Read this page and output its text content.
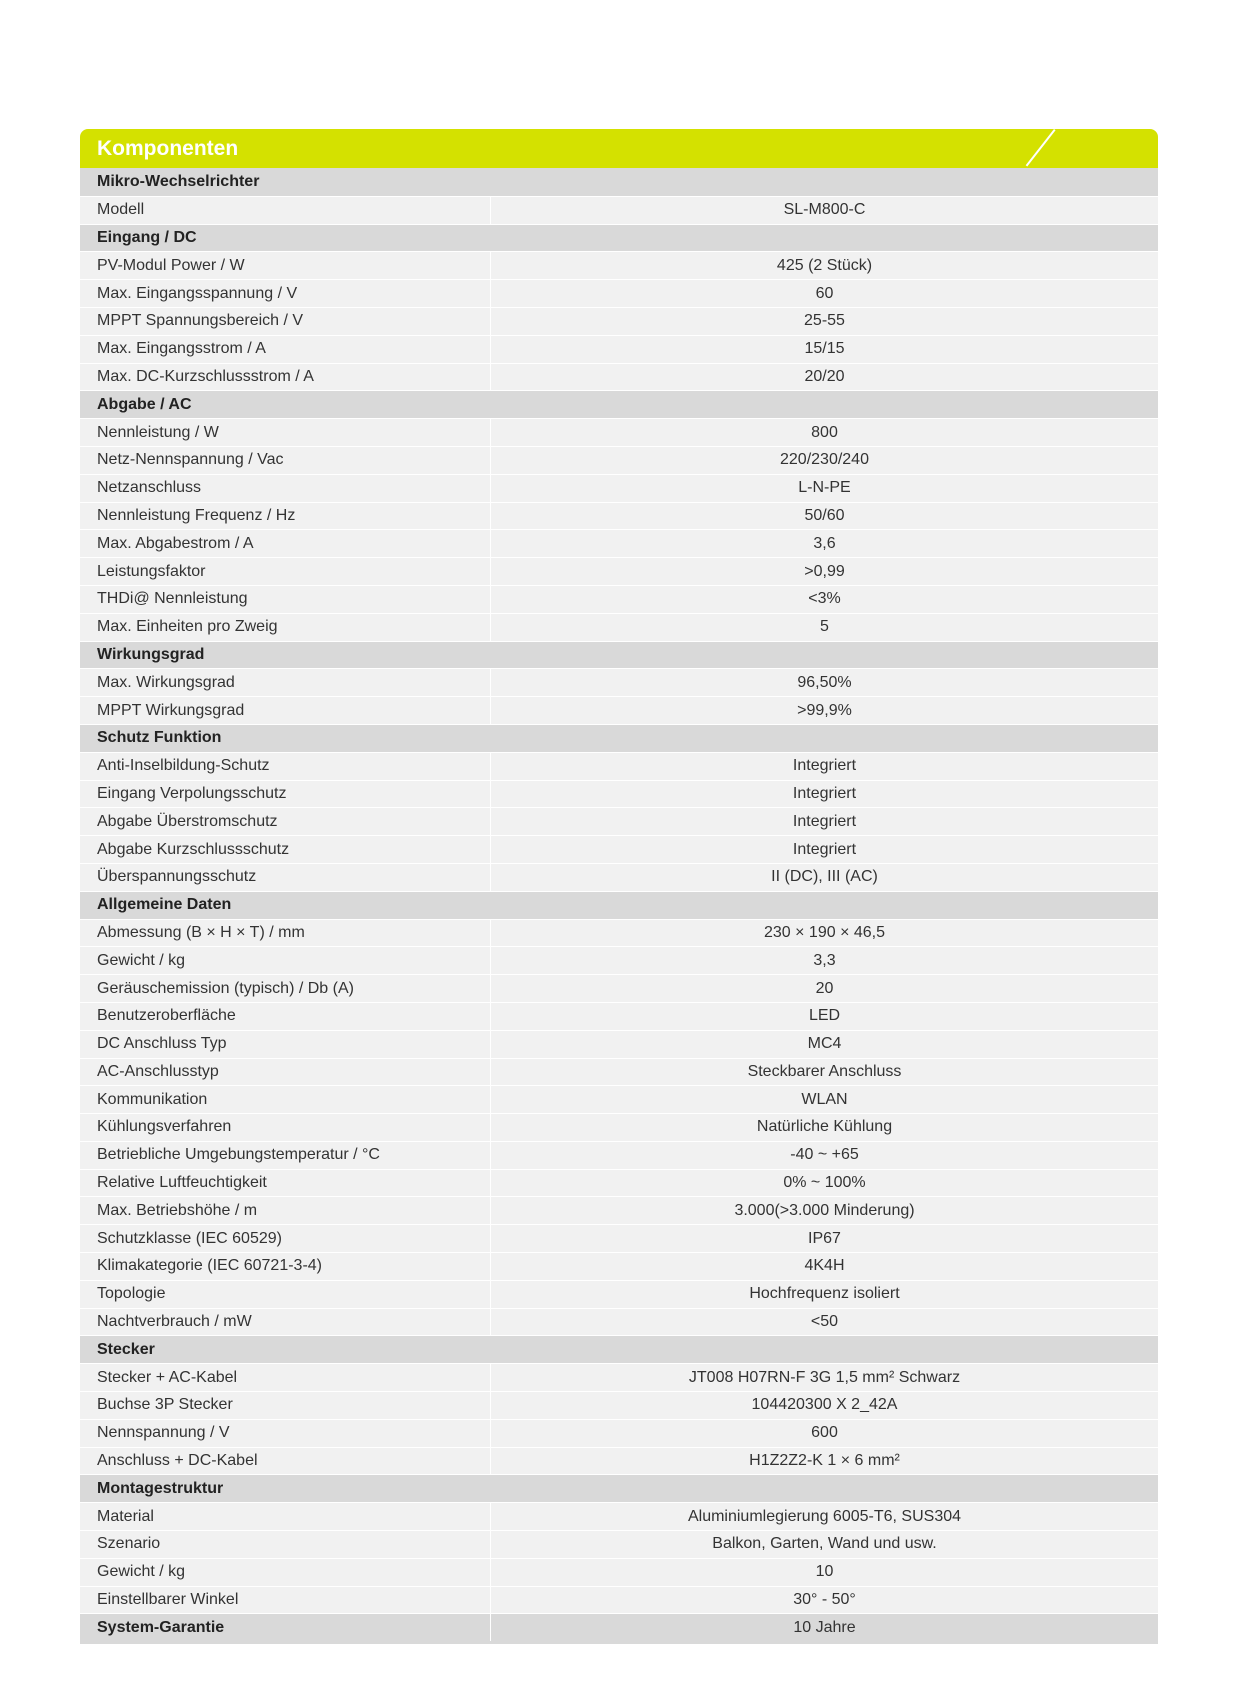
Komponenten
Mikro-Wechselrichter
Modell	SL-M800-C
Eingang / DC
PV-Modul Power / W	425 (2 Stück)
Max. Eingangsspannung / V	60
MPPT Spannungsbereich / V	25-55
Max. Eingangsstrom / A	15/15
Max. DC-Kurzschlussstrom / A	20/20
Abgabe / AC
Nennleistung / W	800
Netz-Nennspannung / Vac	220/230/240
Netzanschluss	L-N-PE
Nennleistung Frequenz / Hz	50/60
Max. Abgabestrom / A	3,6
Leistungsfaktor	>0,99
THDi@ Nennleistung	<3%
Max. Einheiten pro Zweig	5
Wirkungsgrad
Max. Wirkungsgrad	96,50%
MPPT Wirkungsgrad	>99,9%
Schutz Funktion
Anti-Inselbildung-Schutz	Integriert
Eingang Verpolungsschutz	Integriert
Abgabe Überstromschutz	Integriert
Abgabe Kurzschlussschutz	Integriert
Überspannungsschutz	II (DC), III (AC)
Allgemeine Daten
Abmessung (B × H × T) / mm	230 × 190 × 46,5
Gewicht / kg	3,3
Geräuschemission (typisch) / Db (A)	20
Benutzeroberfläche	LED
DC Anschluss Typ	MC4
AC-Anschlusstyp	Steckbarer Anschluss
Kommunikation	WLAN
Kühlungsverfahren	Natürliche Kühlung
Betriebliche Umgebungstemperatur / °C	-40 ~ +65
Relative Luftfeuchtigkeit	0% ~ 100%
Max. Betriebshöhe / m	3.000(>3.000 Minderung)
Schutzklasse (IEC 60529)	IP67
Klimakategorie (IEC 60721-3-4)	4K4H
Topologie	Hochfrequenz isoliert
Nachtverbrauch / mW	<50
Stecker
Stecker + AC-Kabel	JT008 H07RN-F 3G 1,5 mm² Schwarz
Buchse 3P Stecker	104420300 X 2_42A
Nennspannung / V	600
Anschluss + DC-Kabel	H1Z2Z2-K 1 × 6 mm²
Montagestruktur
Material	Aluminiumlegierung 6005-T6, SUS304
Szenario	Balkon, Garten, Wand und usw.
Gewicht / kg	10
Einstellbarer Winkel	30° - 50°
System-Garantie	10 Jahre
